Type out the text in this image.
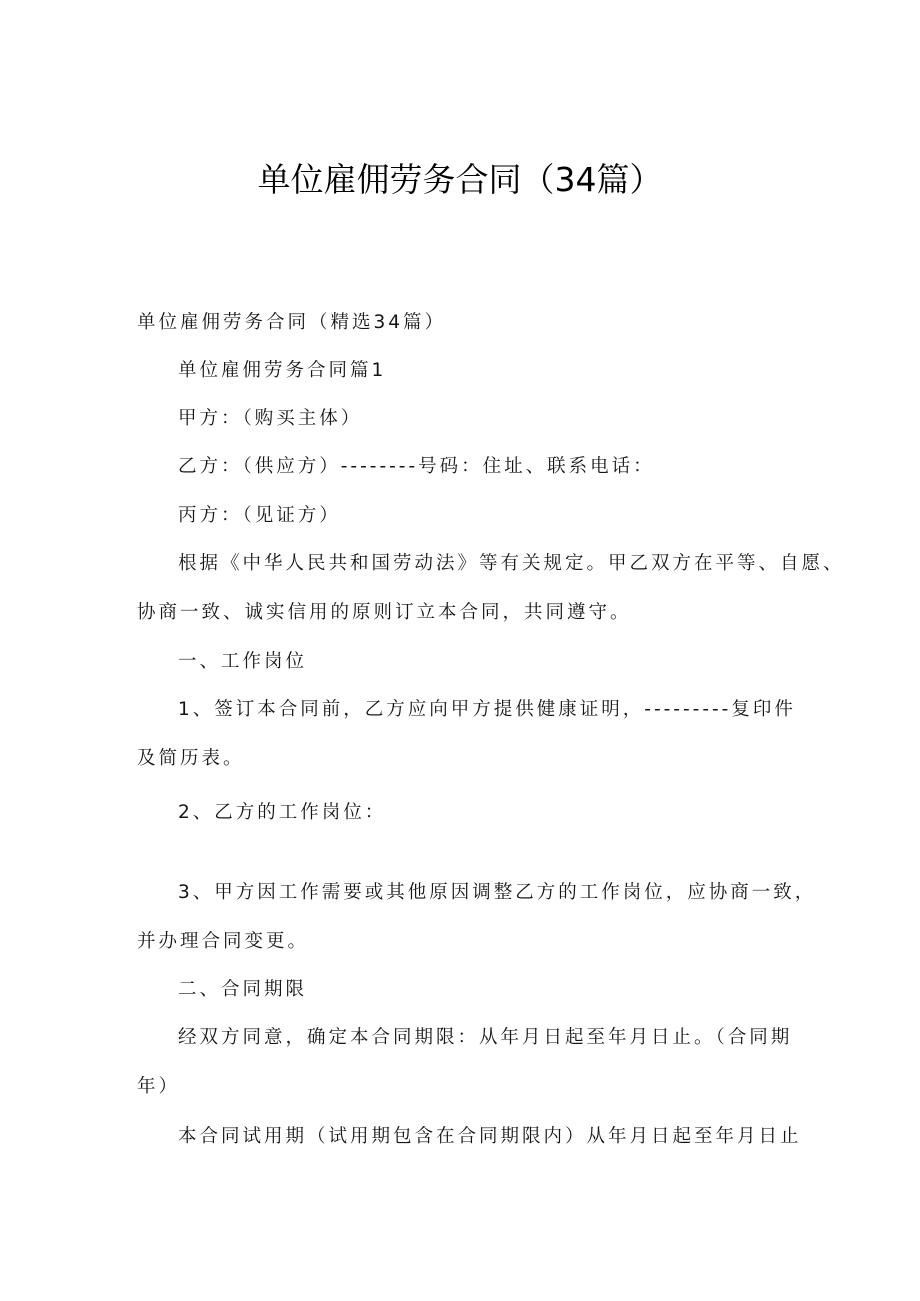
单位雇佣劳务合同（34篇）
单位雇佣劳务合同（精选34篇）
单位雇佣劳务合同篇1
甲方：（购买主体）
乙方：（供应方）--------号码：住址、联系电话：
丙方：（见证方）
根据《中华人民共和国劳动法》等有关规定。甲乙双方在平等、自愿、
协商一致、诚实信用的原则订立本合同，共同遵守。
一、工作岗位
1、签订本合同前，乙方应向甲方提供健康证明，---------复印件
及简历表。
2、乙方的工作岗位：
3、甲方因工作需要或其他原因调整乙方的工作岗位，应协商一致，
并办理合同变更。
二、合同期限
经双方同意，确定本合同期限：从年月日起至年月日止。（合同期
年）
本合同试用期（试用期包含在合同期限内）从年月日起至年月日止
